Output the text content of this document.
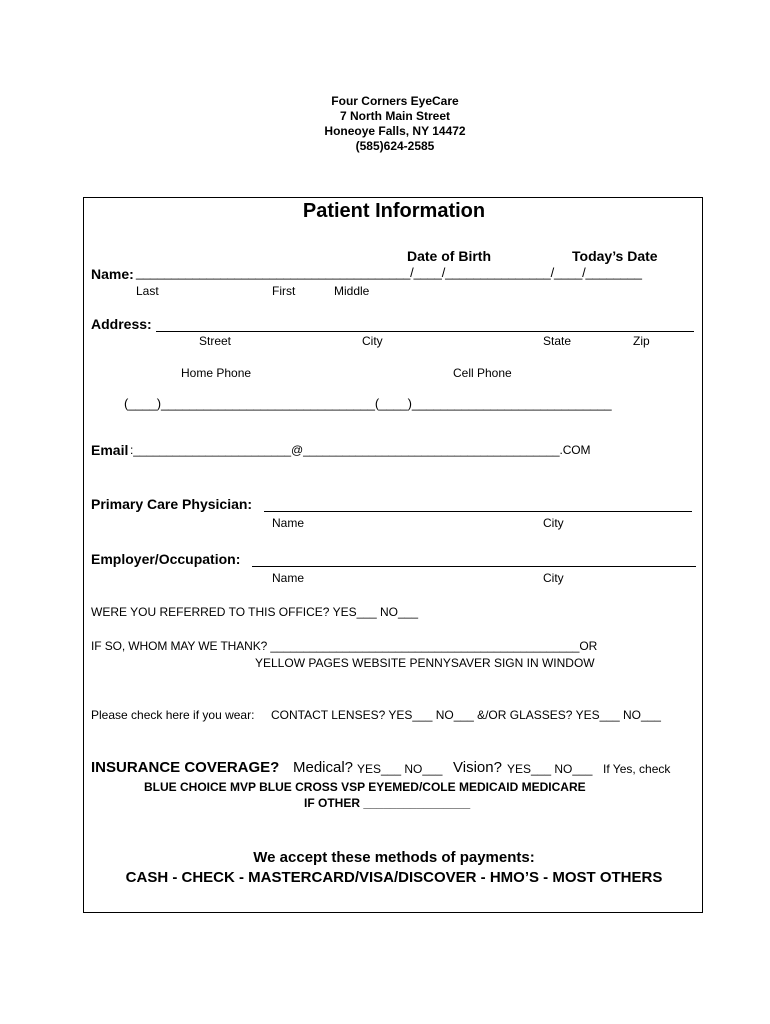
Four Corners EyeCare
7 North Main Street
Honeoye Falls, NY 14472
(585)624-2585
Patient Information
Date of Birth	Today’s Date
Name: _______________________________________/____/_______________/____/________
Last	First	Middle
Address:
Street	City	State	Zip
Home Phone	Cell Phone
(____)______________________________(____)____________________________
Email :________________________@_______________________________________.COM
Primary Care Physician:
Name	City
Employer/Occupation:
Name	City
WERE YOU REFERRED TO THIS OFFICE? YES___ NO___
IF SO, WHOM MAY WE THANK? _______________________________________________OR
YELLOW PAGES WEBSITE PENNYSAVER SIGN IN WINDOW
Please check here if you wear: CONTACT LENSES? YES___ NO___ &/OR GLASSES? YES___ NO___
INSURANCE COVERAGE? Medical? YES___ NO___ Vision? YES___ NO___ If Yes, check
BLUE CHOICE MVP BLUE CROSS VSP EYEMED/COLE MEDICAID MEDICARE
IF OTHER ________________
We accept these methods of payments:
CASH - CHECK - MASTERCARD/VISA/DISCOVER - HMO’S - MOST OTHERS
